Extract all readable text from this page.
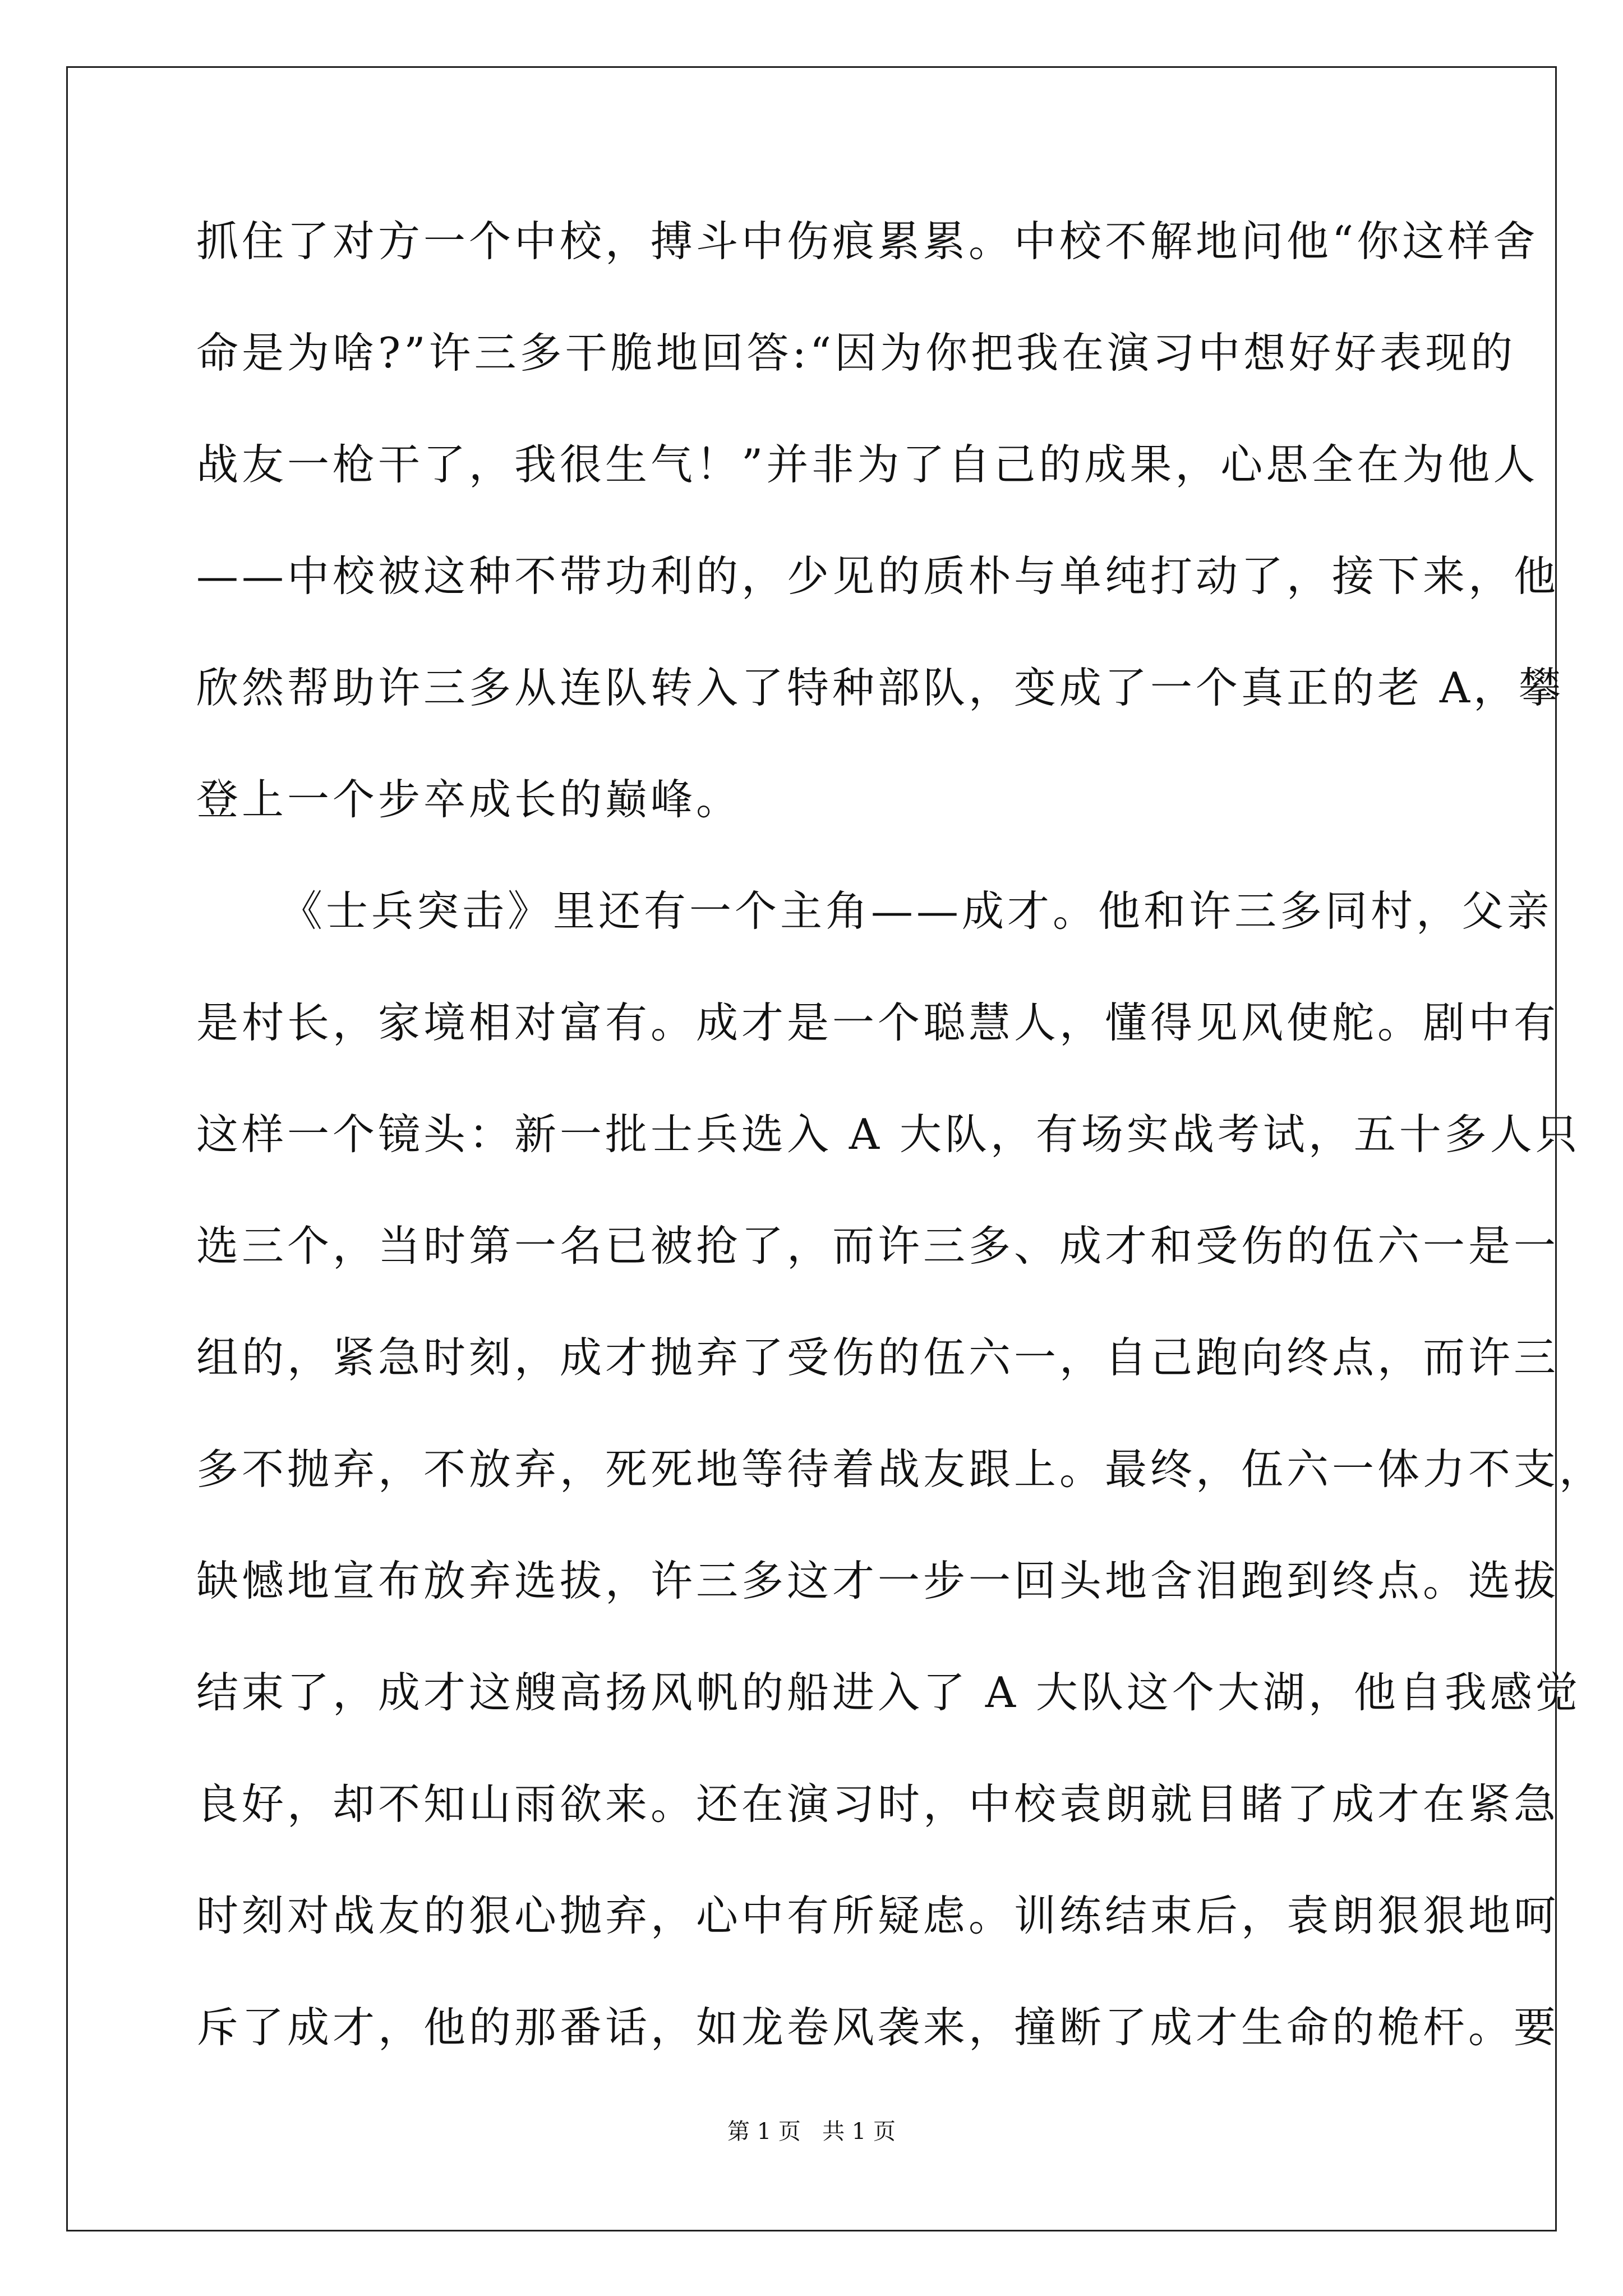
抓住了对方一个中校，搏斗中伤痕累累。中校不解地问他“你这样舍
命是为啥?”许三多干脆地回答:“因为你把我在演习中想好好表现的
战友一枪干了，我很生气！”并非为了自己的成果，心思全在为他人
——中校被这种不带功利的，少见的质朴与单纯打动了，接下来，他
欣然帮助许三多从连队转入了特种部队，变成了一个真正的老 A，攀
登上一个步卒成长的巅峰。
《士兵突击》里还有一个主角——成才。他和许三多同村，父亲
是村长，家境相对富有。成才是一个聪慧人，懂得见风使舵。剧中有
这样一个镜头：新一批士兵选入 A 大队，有场实战考试，五十多人只
选三个，当时第一名已被抢了，而许三多、成才和受伤的伍六一是一
组的，紧急时刻，成才抛弃了受伤的伍六一，自己跑向终点，而许三
多不抛弃，不放弃，死死地等待着战友跟上。最终，伍六一体力不支，
缺憾地宣布放弃选拔，许三多这才一步一回头地含泪跑到终点。选拔
结束了，成才这艘高扬风帆的船进入了 A 大队这个大湖，他自我感觉
良好，却不知山雨欲来。还在演习时，中校袁朗就目睹了成才在紧急
时刻对战友的狠心抛弃，心中有所疑虑。训练结束后，袁朗狠狠地呵
斥了成才，他的那番话，如龙卷风袭来，撞断了成才生命的桅杆。要
第 1 页 共 1 页
